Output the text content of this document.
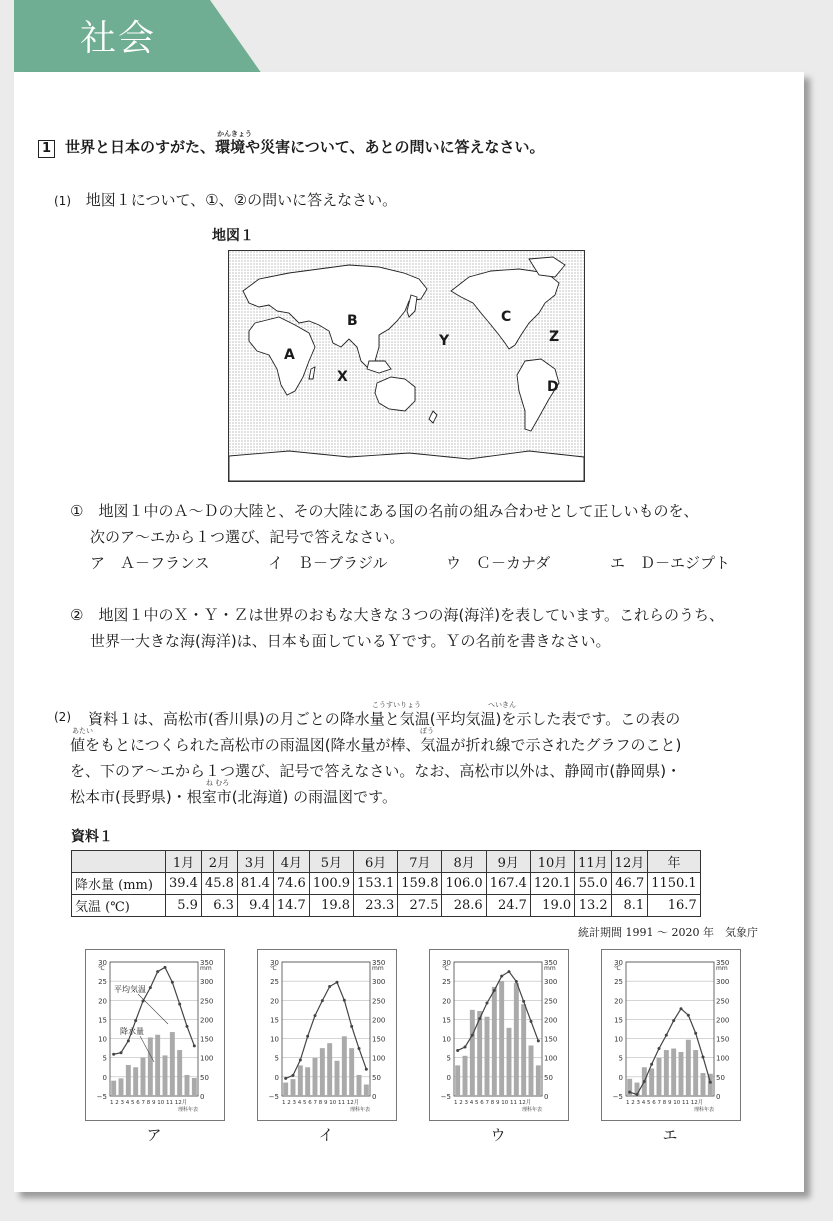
社会
1 世界と日本のすがた、
かんきょう
環境や災害について、あとの問いに答えなさい。
(1) 地図１について、①、②の問いに答えなさい。
地図１
A
B	C
D
X
Y	Z
①　地図１中のＡ～Ｄの大陸と、その大陸にある国の名前の組み合わせとして正しいものを、
次のア～エから１つ選び、記号で答えなさい。
ア　Ａ－フランス	イ　Ｂ－ブラジル	ウ　Ｃ－カナダ	エ　Ｄ－エジプト
②　地図１中のＸ・Ｙ・Ｚは世界のおもな大きな３つの海(海洋)を表しています。これらのうち、
世界一大きな海(海洋)は、日本も面しているＹです。Ｙの名前を書きなさい。
(2)
こうすいりょう	へいきん
資料１は、高松市(香川県)の月ごとの降水量と気温(平均気温)を示した表です。この表の
あたい	ぼう
値をもとにつくられた高松市の雨温図(降水量が棒、気温が折れ線で示されたグラフのこと)
を、下のア～エから１つ選び、記号で答えなさい。なお、高松市以外は、静岡市(静岡県)・
ね むろ
松本市(長野県)・根室市(北海道) の雨温図です。
資料１
	1月	2月	3月	4月	5月	6月	7月	8月	9月	10月	11月	12月	年
降水量 (mm)	39.4	45.8	81.4	74.6	100.9	153.1	159.8	106.0	167.4	120.1	55.0	46.7	1150.1
気温 (℃)	5.9	6.3	9.4	14.7	19.8	23.3	27.5	28.6	24.7	19.0	13.2	8.1	16.7
統計期間 1991 ～ 2020 年　気象庁
30	350
25	300
20	250
15	200
10	150
5	100
0	50
−5	0
℃	mm
1 2 3 4 5 6 7 8 9 10 11 12月
理科年表
平均気温
降水量
30	350
25	300
20	250
15	200
10	150
5	100
0	50
−5	0
℃	mm
1 2 3 4 5 6 7 8 9 10 11 12月
理科年表
30	350
25	300
20	250
15	200
10	150
5	100
0	50
−5	0
℃	mm
1 2 3 4 5 6 7 8 9 10 11 12月
理科年表
30	350
25	300
20	250
15	200
10	150
5	100
0	50
−5	0
℃	mm
1 2 3 4 5 6 7 8 9 10 11 12月
理科年表
ア	イ	ウ	エ
